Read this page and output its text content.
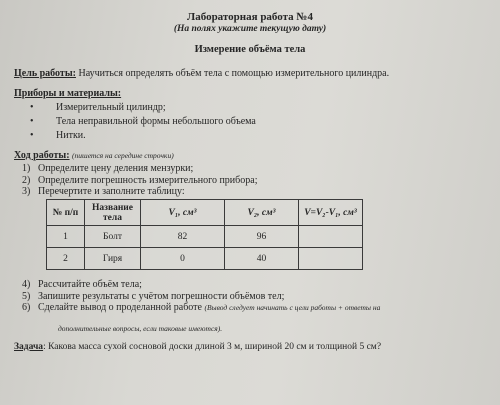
Лабораторная работа №4
(На полях укажите текущую дату)
Измерение объёма тела
Цель работы: Научиться определять объём тела с помощью измерительного цилиндра.
Приборы и материалы:
• Измерительный цилиндр;
• Тела неправильной формы небольшого объема
• Нитки.
Ход работы: (пишется на середине строчки)
1) Определите цену деления мензурки;
2) Определите погрешность измерительного прибора;
3) Перечертите и заполните таблицу:
№ п/п	Название тела	V₁, см³	V₂, см³	V=V₂-V₁, см³
1	Болт	82	96	
2	Гиря	0	40	
4) Рассчитайте объём тела;
5) Запишите результаты с учётом погрешности объёмов тел;
6) Сделайте вывод о проделанной работе (Вывод следует начинать с цели работы + ответы на
дополнительные вопросы, если таковые имеются).
Задача: Какова масса сухой сосновой доски длиной 3 м, шириной 20 см и толщиной 5 см?
